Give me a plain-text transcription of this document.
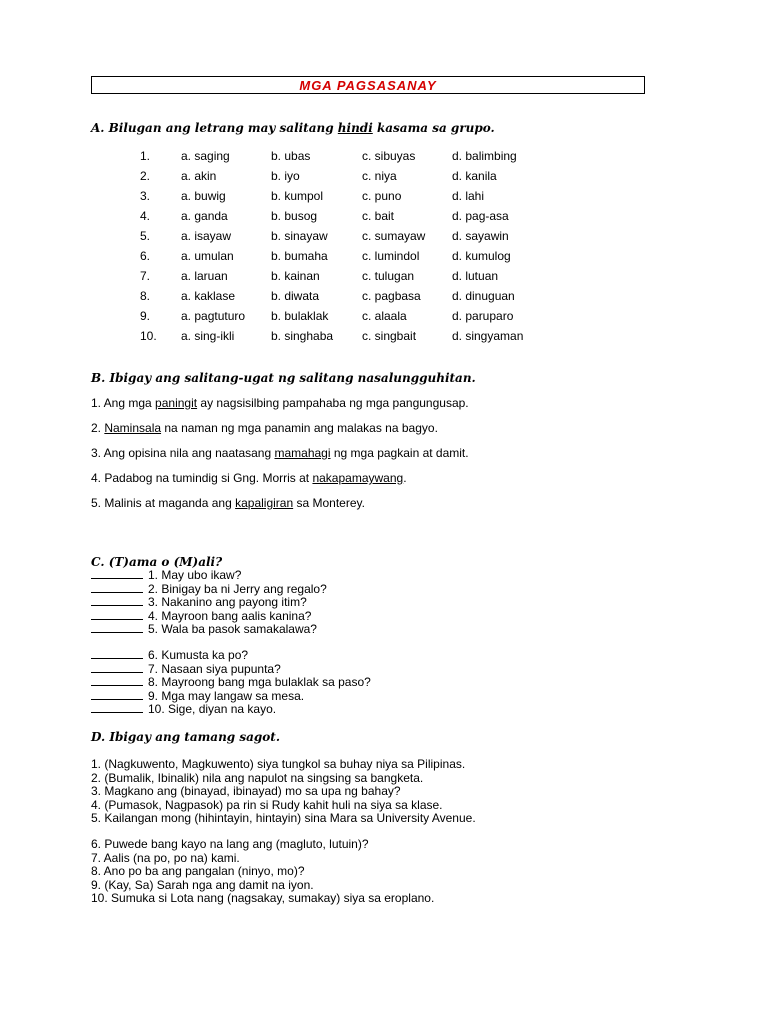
MGA PAGSASANAY
A. Bilugan ang letrang may salitang hindi kasama sa grupo.
1.	a. saging	b. ubas	c. sibuyas	d. balimbing
2.	a. akin	b. iyo	c. niya	d. kanila
3.	a. buwig	b. kumpol	c. puno	d. lahi
4.	a. ganda	b. busog	c. bait	d. pag-asa
5.	a. isayaw	b. sinayaw	c. sumayaw d. sayawin
6.	a. umulan	b. bumaha	c. lumindol	d. kumulog
7.	a. laruan	b. kainan	c. tulugan	d. lutuan
8.	a. kaklase	b. diwata	c. pagbasa	d. dinuguan
9.	a. pagtuturo b. bulaklak	c. alaala	d. paruparo
10. a. sing-ikli	b. singhaba c. singbait	d. singyaman
B. Ibigay ang salitang-ugat ng salitang nasalungguhitan.
1. Ang mga paningit ay nagsisilbing pampahaba ng mga pangungusap.
2. Naminsala na naman ng mga panamin ang malakas na bagyo.
3. Ang opisina nila ang naatasang mamahagi ng mga pagkain at damit.
4. Padabog na tumindig si Gng. Morris at nakapamaywang.
5. Malinis at maganda ang kapaligiran sa Monterey.
C. (T)ama o (M)ali?
1. May ubo ikaw?
2. Binigay ba ni Jerry ang regalo?
3. Nakanino ang payong itim?
4. Mayroon bang aalis kanina?
5. Wala ba pasok samakalawa?
6. Kumusta ka po?
7. Nasaan siya pupunta?
8. Mayroong bang mga bulaklak sa paso?
9. Mga may langaw sa mesa.
10. Sige, diyan na kayo.
D. Ibigay ang tamang sagot.
1. (Nagkuwento, Magkuwento) siya tungkol sa buhay niya sa Pilipinas.
2. (Bumalik, Ibinalik) nila ang napulot na singsing sa bangketa.
3. Magkano ang (binayad, ibinayad) mo sa upa ng bahay?
4. (Pumasok, Nagpasok) pa rin si Rudy kahit huli na siya sa klase.
5. Kailangan mong (hihintayin, hintayin) sina Mara sa University Avenue.
6. Puwede bang kayo na lang ang (magluto, lutuin)?
7. Aalis (na po, po na) kami.
8. Ano po ba ang pangalan (ninyo, mo)?
9. (Kay, Sa) Sarah nga ang damit na iyon.
10. Sumuka si Lota nang (nagsakay, sumakay) siya sa eroplano.
